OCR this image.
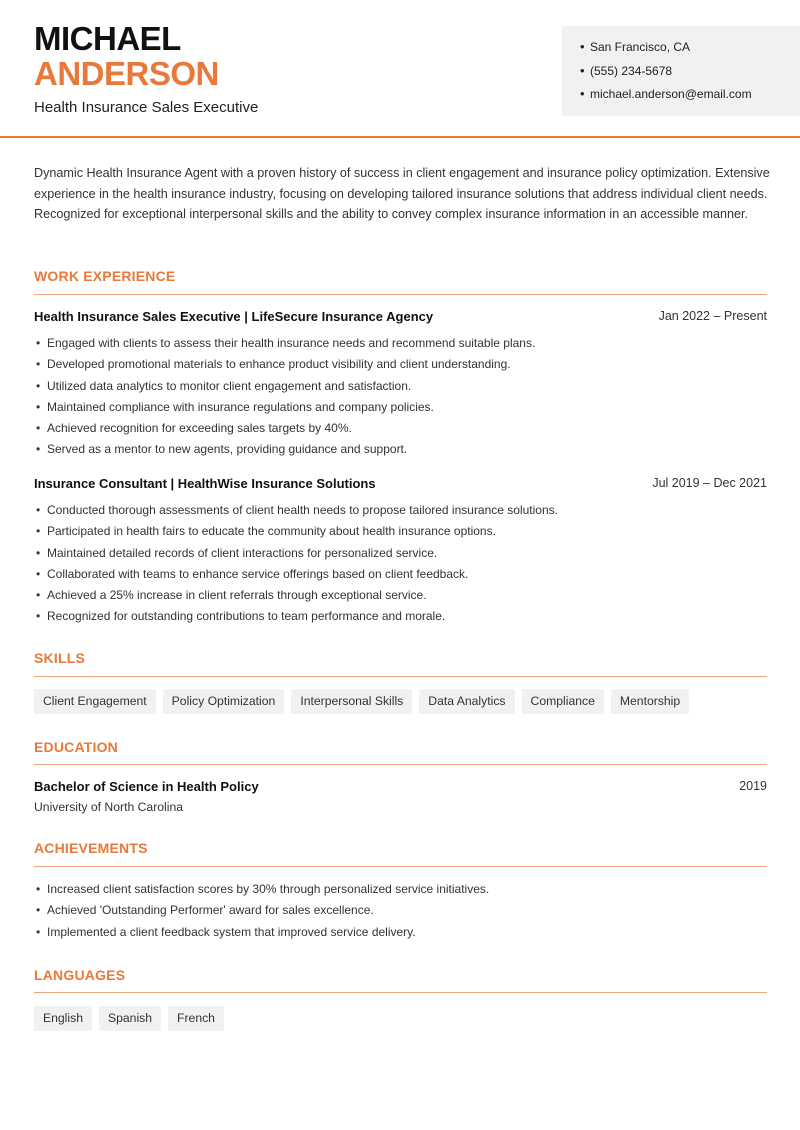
MICHAEL
ANDERSON
Health Insurance Sales Executive
• San Francisco, CA
• (555) 234-5678
• michael.anderson@email.com
Dynamic Health Insurance Agent with a proven history of success in client engagement and insurance policy optimization. Extensive experience in the health insurance industry, focusing on developing tailored insurance solutions that address individual client needs. Recognized for exceptional interpersonal skills and the ability to convey complex insurance information in an accessible manner.
WORK EXPERIENCE
Health Insurance Sales Executive | LifeSecure Insurance Agency	Jan 2022 – Present
• Engaged with clients to assess their health insurance needs and recommend suitable plans.
• Developed promotional materials to enhance product visibility and client understanding.
• Utilized data analytics to monitor client engagement and satisfaction.
• Maintained compliance with insurance regulations and company policies.
• Achieved recognition for exceeding sales targets by 40%.
• Served as a mentor to new agents, providing guidance and support.
Insurance Consultant | HealthWise Insurance Solutions	Jul 2019 – Dec 2021
• Conducted thorough assessments of client health needs to propose tailored insurance solutions.
• Participated in health fairs to educate the community about health insurance options.
• Maintained detailed records of client interactions for personalized service.
• Collaborated with teams to enhance service offerings based on client feedback.
• Achieved a 25% increase in client referrals through exceptional service.
• Recognized for outstanding contributions to team performance and morale.
SKILLS
Client Engagement	Policy Optimization	Interpersonal Skills	Data Analytics	Compliance	Mentorship
EDUCATION
Bachelor of Science in Health Policy	2019
University of North Carolina
ACHIEVEMENTS
• Increased client satisfaction scores by 30% through personalized service initiatives.
• Achieved 'Outstanding Performer' award for sales excellence.
• Implemented a client feedback system that improved service delivery.
LANGUAGES
English	Spanish	French
